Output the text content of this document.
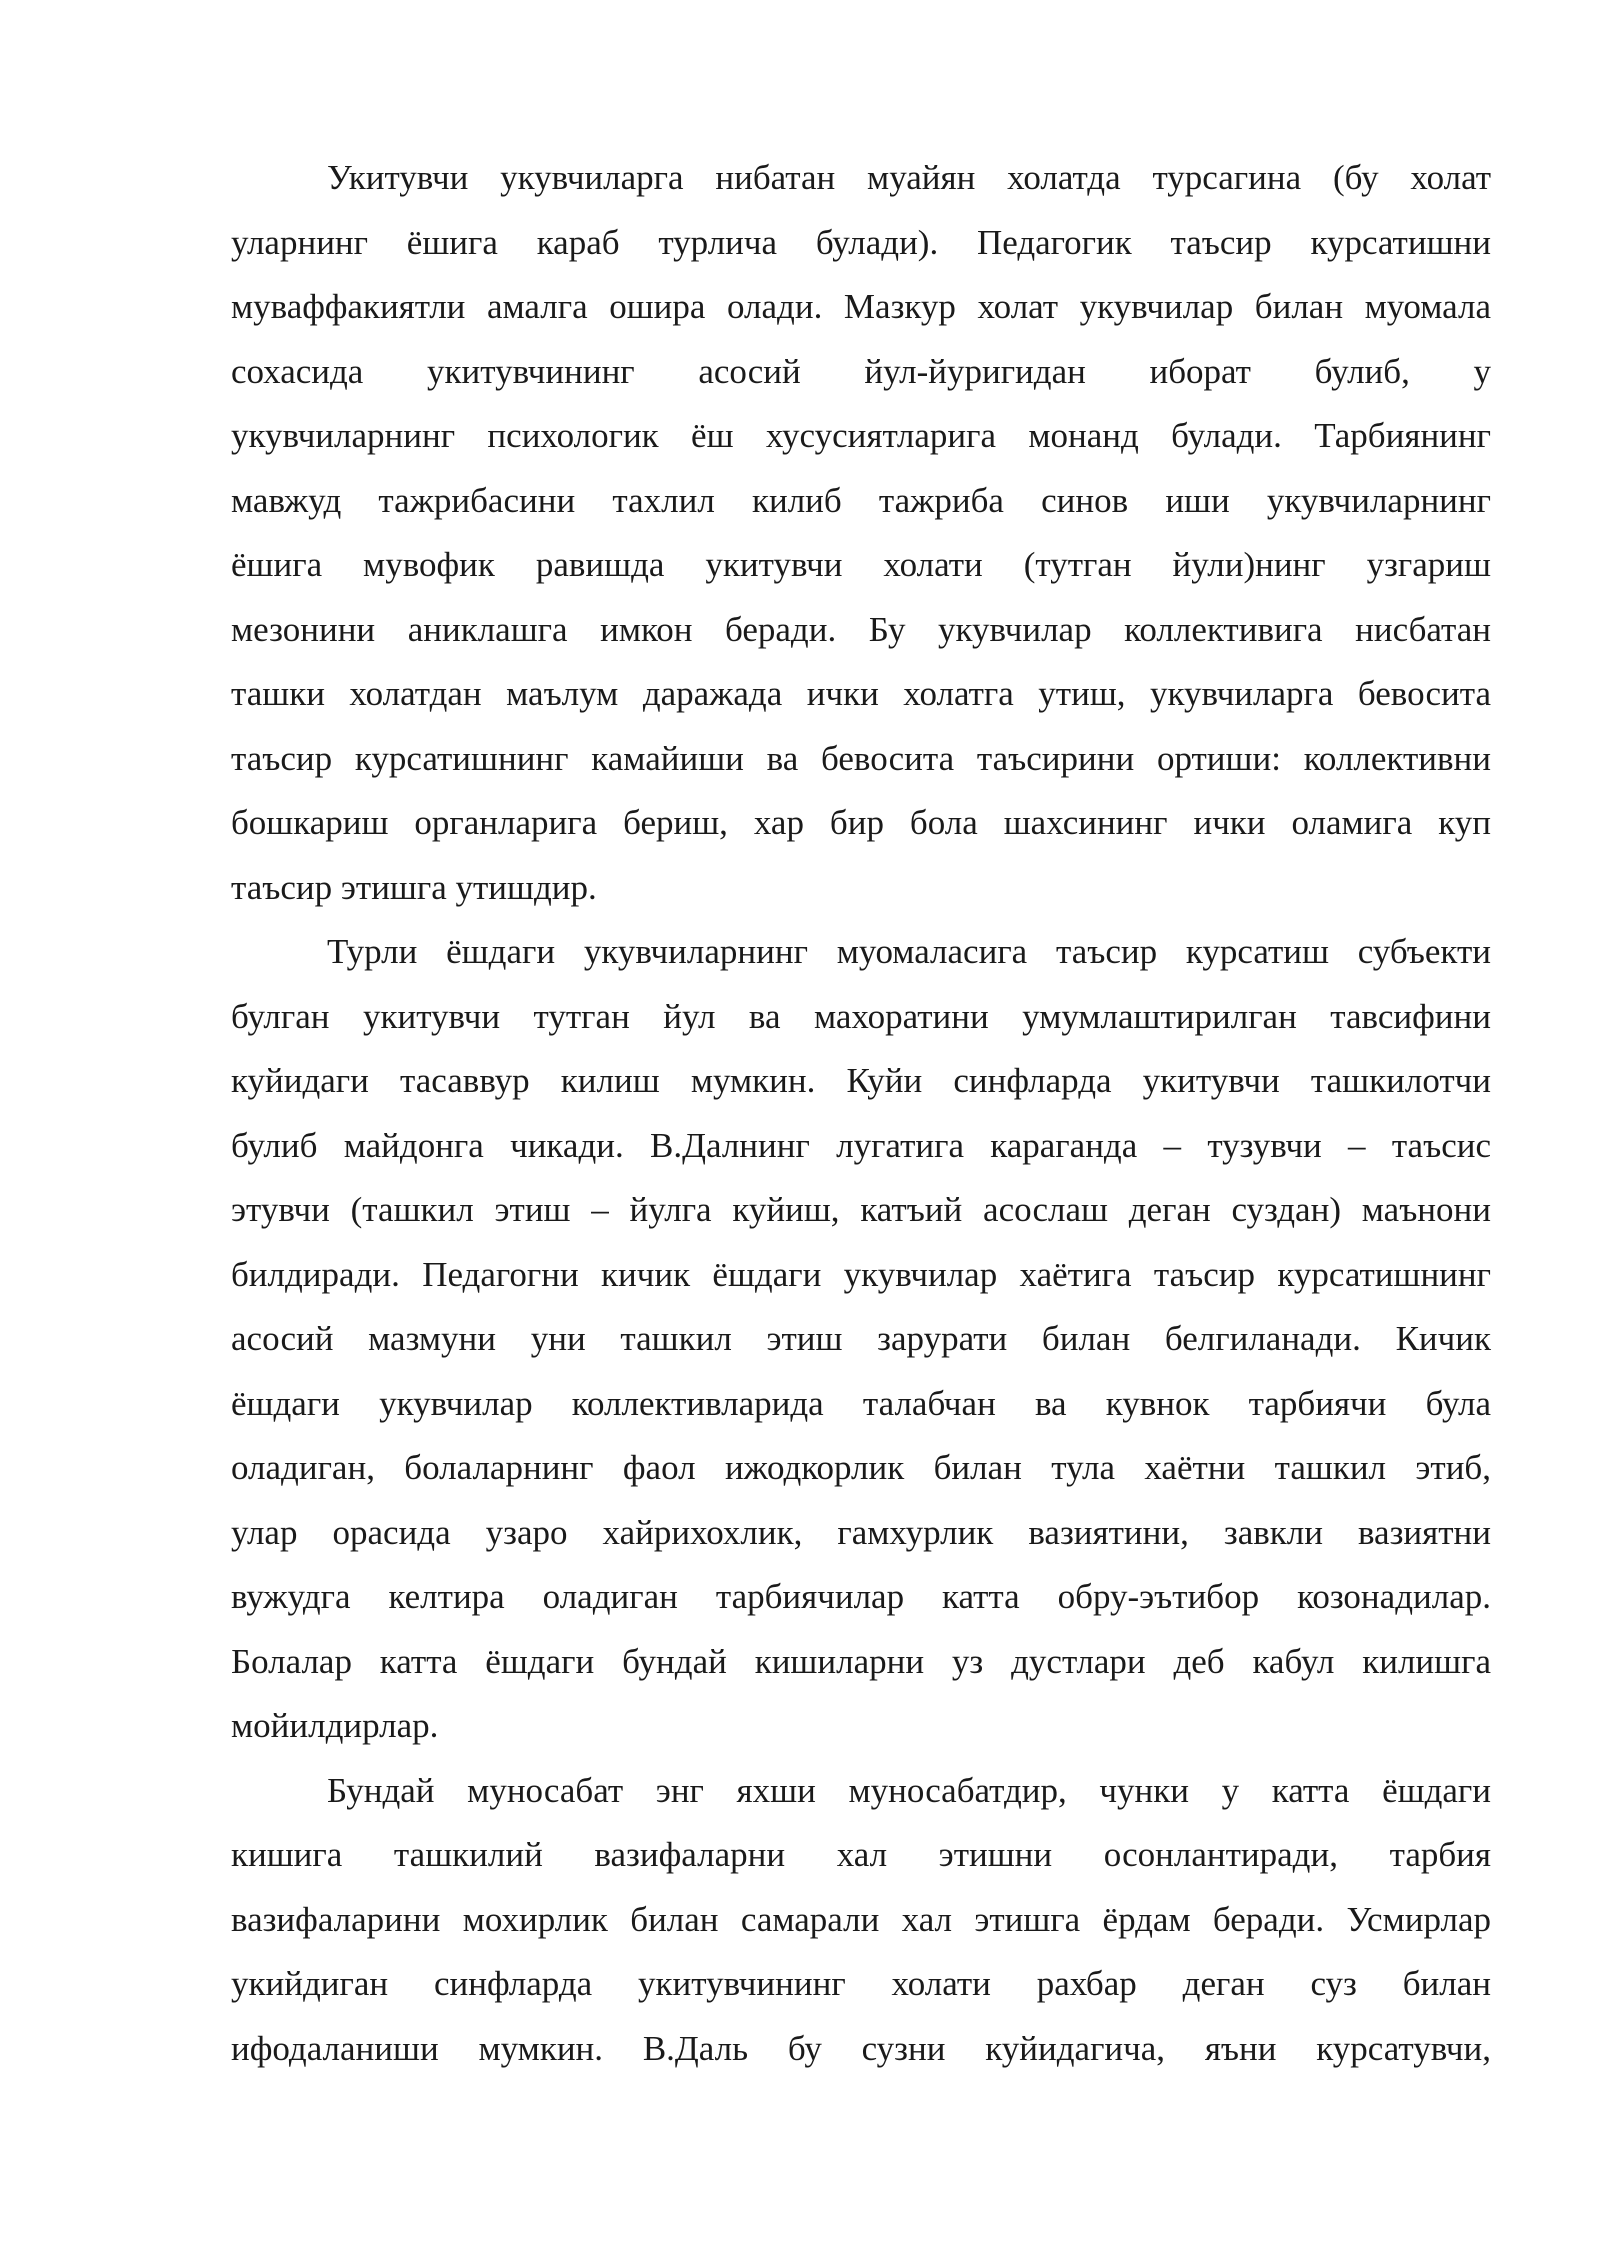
Укитувчи укувчиларга нибатан муайян холатда турсагина (бу холат
уларнинг ёшига караб турлича булади). Педагогик таъсир курсатишни
муваффакиятли амалга ошира олади. Мазкур холат укувчилар билан муомала
сохасида укитувчининг асосий йул-йуригидан иборат булиб, у
укувчиларнинг психологик ёш хусусиятларига монанд булади. Тарбиянинг
мавжуд тажрибасини тахлил килиб тажриба синов иши укувчиларнинг
ёшига мувофик равишда укитувчи холати (тутган йули)нинг узгариш
мезонини аниклашга имкон беради. Бу укувчилар коллективига нисбатан
ташки холатдан маълум даражада ички холатга утиш, укувчиларга бевосита
таъсир курсатишнинг камайиши ва бевосита таъсирини ортиши: коллективни
бошкариш органларига бериш, хар бир бола шахсининг ички оламига куп
таъсир этишга утишдир.
Турли ёшдаги укувчиларнинг муомаласига таъсир курсатиш субъекти
булган укитувчи тутган йул ва махоратини умумлаштирилган тавсифини
куйидаги тасаввур килиш мумкин. Куйи синфларда укитувчи ташкилотчи
булиб майдонга чикади. В.Далнинг лугатига караганда – тузувчи – таъсис
этувчи (ташкил этиш – йулга куйиш, катъий асослаш деган суздан) маънони
билдиради. Педагогни кичик ёшдаги укувчилар хаётига таъсир курсатишнинг
асосий мазмуни уни ташкил этиш зарурати билан белгиланади. Кичик
ёшдаги укувчилар коллективларида талабчан ва кувнок тарбиячи була
оладиган, болаларнинг фаол ижодкорлик билан тула хаётни ташкил этиб,
улар орасида узаро хайрихохлик, гамхурлик вазиятини, завкли вазиятни
вужудга келтира оладиган тарбиячилар катта обру-эътибор козонадилар.
Болалар катта ёшдаги бундай кишиларни уз дустлари деб кабул килишга
мойилдирлар.
Бундай муносабат энг яхши муносабатдир, чунки у катта ёшдаги
кишига ташкилий вазифаларни хал этишни осонлантиради, тарбия
вазифаларини мохирлик билан самарали хал этишга ёрдам беради. Усмирлар
укийдиган синфларда укитувчининг холати рахбар деган суз билан
ифодаланиши мумкин. В.Даль бу сузни куйидагича, яъни курсатувчи,
